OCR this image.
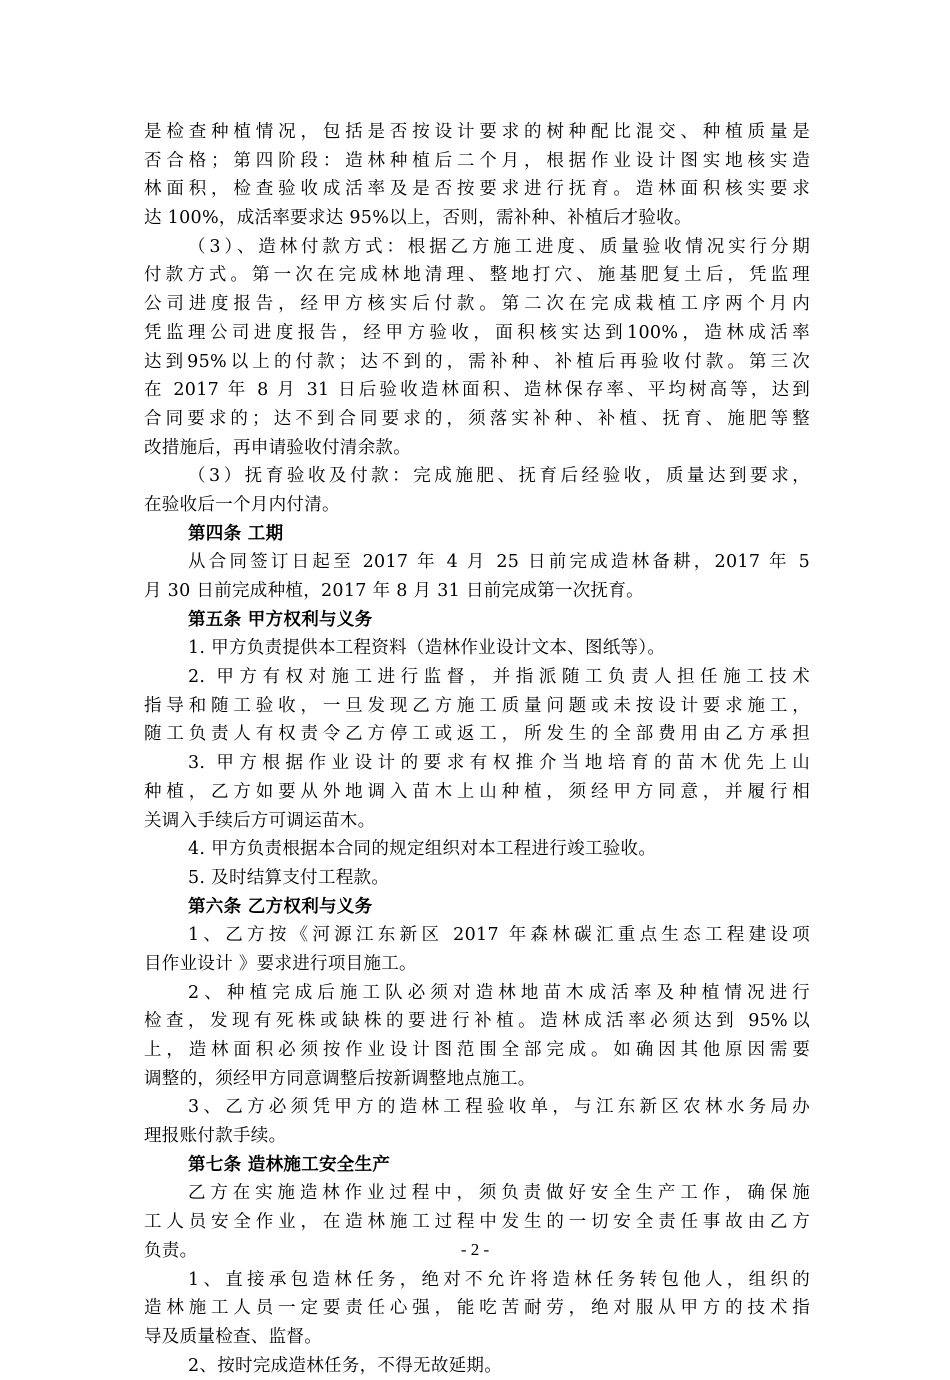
是检查种植情况，包括是否按设计要求的树种配比混交、种植质量是
否合格；第四阶段：造林种植后二个月，根据作业设计图实地核实造
林面积，检查验收成活率及是否按要求进行抚育。造林面积核实要求
达 100%，成活率要求达 95%以上，否则，需补种、补植后才验收。
（3）、造林付款方式：根据乙方施工进度、质量验收情况实行分期
付款方式。第一次在完成林地清理、整地打穴、施基肥复土后，凭监理
公司进度报告，经甲方核实后付款。第二次在完成栽植工序两个月内
凭监理公司进度报告，经甲方验收，面积核实达到100%，造林成活率
达到95%以上的付款；达不到的，需补种、补植后再验收付款。第三次
在 2017 年 8 月 31 日后验收造林面积、造林保存率、平均树高等，达到
合同要求的；达不到合同要求的，须落实补种、补植、抚育、施肥等整
改措施后，再申请验收付清余款。
（3）抚育验收及付款：完成施肥、抚育后经验收，质量达到要求，
在验收后一个月内付清。
第四条 工期
从合同签订日起至 2017 年 4 月 25 日前完成造林备耕，2017 年 5
月 30 日前完成种植，2017 年 8 月 31 日前完成第一次抚育。
第五条 甲方权利与义务
1. 甲方负责提供本工程资料（造林作业设计文本、图纸等）。
2. 甲方有权对施工进行监督，并指派随工负责人担任施工技术
指导和随工验收，一旦发现乙方施工质量问题或未按设计要求施工，
随工负责人有权责令乙方停工或返工，所发生的全部费用由乙方承担
3. 甲方根据作业设计的要求有权推介当地培育的苗木优先上山
种植，乙方如要从外地调入苗木上山种植，须经甲方同意，并履行相
关调入手续后方可调运苗木。
4. 甲方负责根据本合同的规定组织对本工程进行竣工验收。
5. 及时结算支付工程款。
第六条 乙方权利与义务
1、乙方按《河源江东新区 2017 年森林碳汇重点生态工程建设项
目作业设计 》要求进行项目施工。
2、种植完成后施工队必须对造林地苗木成活率及种植情况进行
检查，发现有死株或缺株的要进行补植。造林成活率必须达到 95%以
上，造林面积必须按作业设计图范围全部完成。如确因其他原因需要
调整的，须经甲方同意调整后按新调整地点施工。
3、乙方必须凭甲方的造林工程验收单，与江东新区农林水务局办
理报账付款手续。
第七条 造林施工安全生产
乙方在实施造林作业过程中，须负责做好安全生产工作，确保施
工人员安全作业，在造林施工过程中发生的一切安全责任事故由乙方
负责。
1、直接承包造林任务，绝对不允许将造林任务转包他人，组织的
造林施工人员一定要责任心强，能吃苦耐劳，绝对服从甲方的技术指
导及质量检查、监督。
2、按时完成造林任务，不得无故延期。
- 2 -
